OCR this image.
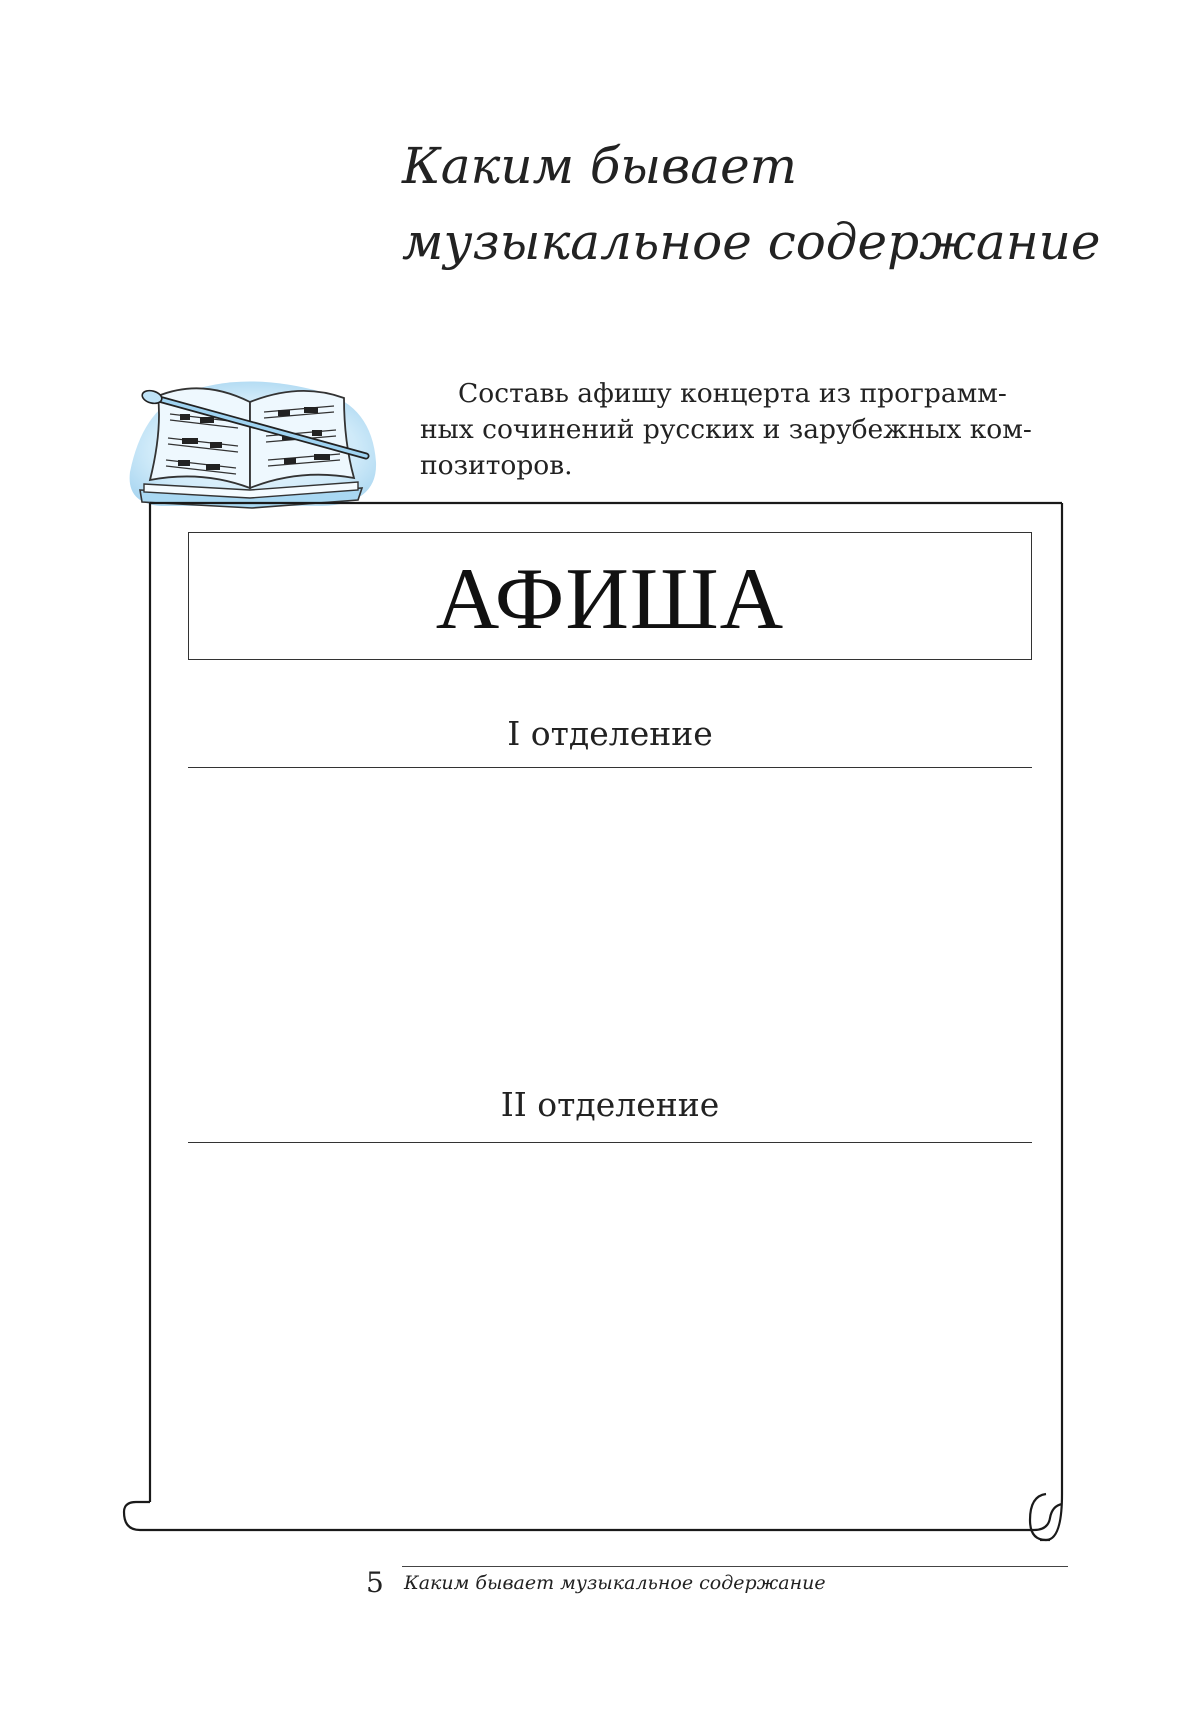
Каким бывает
музыкальное содержание
Составь афишу концерта из программ-
ных сочинений русских и зарубежных ком-
позиторов.
АФИША
I отделение
II отделение
5 Каким бывает музыкальное содержание
